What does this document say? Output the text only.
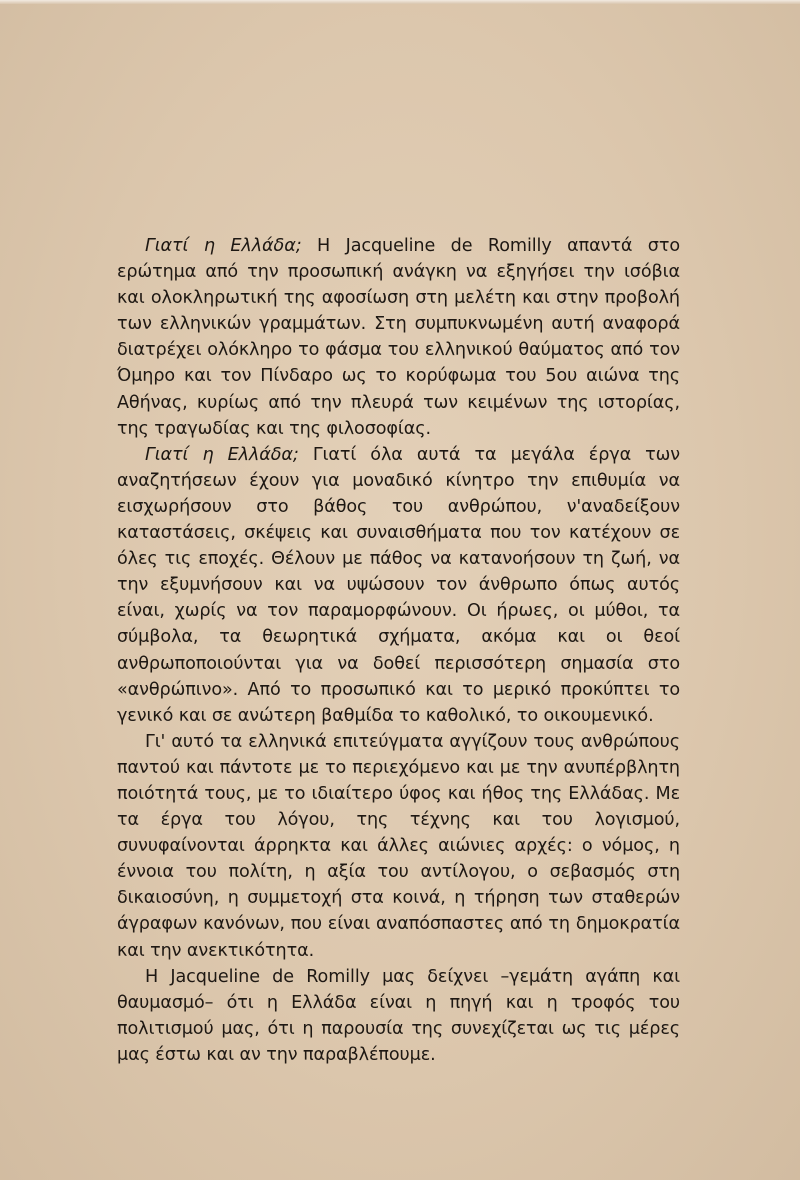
Γιατί η Ελλάδα; Η Jacqueline de Romilly απαντά στο ερώτημα από την προσωπική ανάγκη να εξηγήσει την ισόβια και ολοκληρωτική της αφοσίωση στη μελέτη και στην προβολή των ελληνικών γραμμάτων. Στη συμπυκνωμένη αυτή αναφορά διατρέχει ολόκληρο το φάσμα του ελληνικού θαύματος από τον Όμηρο και τον Πίνδαρο ως το κορύφωμα του 5ου αιώνα της Αθήνας, κυρίως από την πλευρά των κειμένων της ιστορίας, της τραγωδίας και της φιλοσοφίας.

Γιατί η Ελλάδα; Γιατί όλα αυτά τα μεγάλα έργα των αναζητήσεων έχουν για μοναδικό κίνητρο την επιθυμία να εισχωρήσουν στο βάθος του ανθρώπου, ν'αναδείξουν καταστάσεις, σκέψεις και συναισθήματα που τον κατέχουν σε όλες τις εποχές. Θέλουν με πάθος να κατανοήσουν τη ζωή, να την εξυμνήσουν και να υψώσουν τον άνθρωπο όπως αυτός είναι, χωρίς να τον παραμορφώνουν. Οι ήρωες, οι μύθοι, τα σύμβολα, τα θεωρητικά σχήματα, ακόμα και οι θεοί ανθρωποποιούνται για να δοθεί περισσότερη σημασία στο «ανθρώπινο». Από το προσωπικό και το μερικό προκύπτει το γενικό και σε ανώτερη βαθμίδα το καθολικό, το οικουμενικό.

Γι' αυτό τα ελληνικά επιτεύγματα αγγίζουν τους ανθρώπους παντού και πάντοτε με το περιεχόμενο και με την ανυπέρβλητη ποιότητά τους, με το ιδιαίτερο ύφος και ήθος της Ελλάδας. Με τα έργα του λόγου, της τέχνης και του λογισμού, συνυφαίνονται άρρηκτα και άλλες αιώνιες αρχές: ο νόμος, η έννοια του πολίτη, η αξία του αντίλογου, ο σεβασμός στη δικαιοσύνη, η συμμετοχή στα κοινά, η τήρηση των σταθερών άγραφων κανόνων, που είναι αναπόσπαστες από τη δημοκρατία και την ανεκτικότητα.

Η Jacqueline de Romilly μας δείχνει –γεμάτη αγάπη και θαυμασμό– ότι η Ελλάδα είναι η πηγή και η τροφός του πολιτισμού μας, ότι η παρουσία της συνεχίζεται ως τις μέρες μας έστω και αν την παραβλέπουμε.
